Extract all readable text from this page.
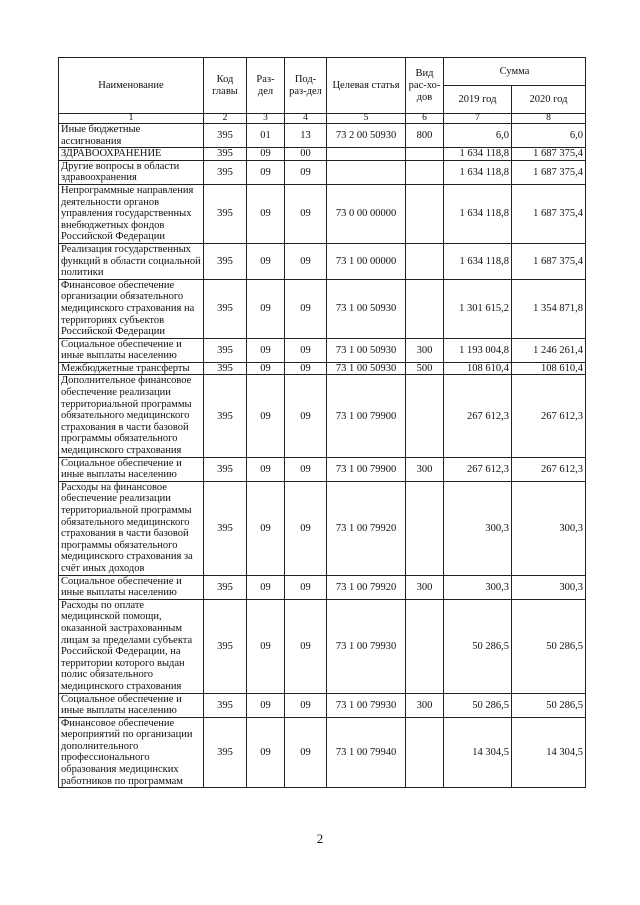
Наименование	Код главы	Раз-дел	Под-раз-дел	Целевая статья	Вид рас-хо-дов	Сумма	
						2019 год	2020 год
1	2	3	4	5	6	7	8
Иные бюджетные ассигнования	395	01	13	73 2 00 50930	800	6,0	6,0
ЗДРАВООХРАНЕНИЕ	395	09	00			1 634 118,8	1 687 375,4
Другие вопросы в области здравоохранения	395	09	09			1 634 118,8	1 687 375,4
Непрограммные направления деятельности органов управления государственных внебюджетных фондов Российской Федерации	395	09	09	73 0 00 00000		1 634 118,8	1 687 375,4
Реализация государственных функций в области социальной политики	395	09	09	73 1 00 00000		1 634 118,8	1 687 375,4
Финансовое обеспечение организации обязательного медицинского страхования на территориях субъектов Российской Федерации	395	09	09	73 1 00 50930		1 301 615,2	1 354 871,8
Социальное обеспечение и иные выплаты населению	395	09	09	73 1 00 50930	300	1 193 004,8	1 246 261,4
Межбюджетные трансферты	395	09	09	73 1 00 50930	500	108 610,4	108 610,4
Дополнительное финансовое обеспечение реализации территориальной программы обязательного медицинского страхования в части базовой программы обязательного медицинского страхования	395	09	09	73 1 00 79900		267 612,3	267 612,3
Социальное обеспечение и иные выплаты населению	395	09	09	73 1 00 79900	300	267 612,3	267 612,3
Расходы на финансовое обеспечение реализации территориальной программы обязательного медицинского страхования в части базовой программы обязательного медицинского страхования за счёт иных доходов	395	09	09	73 1 00 79920		300,3	300,3
Социальное обеспечение и иные выплаты населению	395	09	09	73 1 00 79920	300	300,3	300,3
Расходы по оплате медицинской помощи, оказанной застрахованным лицам за пределами субъекта Российской Федерации, на территории которого выдан полис обязательного медицинского страхования	395	09	09	73 1 00 79930		50 286,5	50 286,5
Социальное обеспечение и иные выплаты населению	395	09	09	73 1 00 79930	300	50 286,5	50 286,5
Финансовое обеспечение мероприятий по организации дополнительного профессионального образования медицинских работников по программам	395	09	09	73 1 00 79940		14 304,5	14 304,5
2
